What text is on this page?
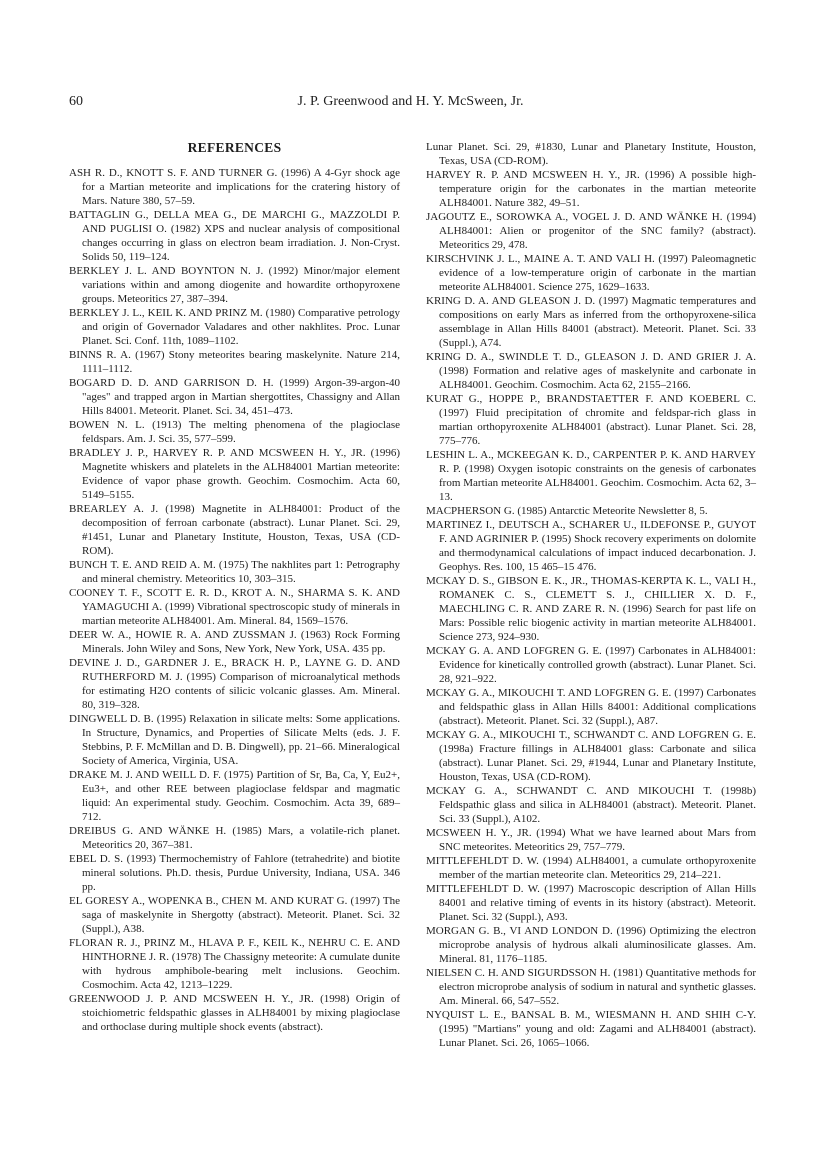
60	J. P. Greenwood and H. Y. McSween, Jr.
REFERENCES
ASH R. D., KNOTT S. F. AND TURNER G. (1996) A 4-Gyr shock age for a Martian meteorite and implications for the cratering history of Mars. Nature 380, 57–59.
BATTAGLIN G., DELLA MEA G., DE MARCHI G., MAZZOLDI P. AND PUGLISI O. (1982) XPS and nuclear analysis of compositional changes occurring in glass on electron beam irradiation. J. Non-Cryst. Solids 50, 119–124.
BERKLEY J. L. AND BOYNTON N. J. (1992) Minor/major element variations within and among diogenite and howardite orthopyroxene groups. Meteoritics 27, 387–394.
BERKLEY J. L., KEIL K. AND PRINZ M. (1980) Comparative petrology and origin of Governador Valadares and other nakhlites. Proc. Lunar Planet. Sci. Conf. 11th, 1089–1102.
BINNS R. A. (1967) Stony meteorites bearing maskelynite. Nature 214, 1111–1112.
BOGARD D. D. AND GARRISON D. H. (1999) Argon-39-argon-40 "ages" and trapped argon in Martian shergottites, Chassigny and Allan Hills 84001. Meteorit. Planet. Sci. 34, 451–473.
BOWEN N. L. (1913) The melting phenomena of the plagioclase feldspars. Am. J. Sci. 35, 577–599.
BRADLEY J. P., HARVEY R. P. AND MCSWEEN H. Y., JR. (1996) Magnetite whiskers and platelets in the ALH84001 Martian meteorite: Evidence of vapor phase growth. Geochim. Cosmochim. Acta 60, 5149–5155.
BREARLEY A. J. (1998) Magnetite in ALH84001: Product of the decomposition of ferroan carbonate (abstract). Lunar Planet. Sci. 29, #1451, Lunar and Planetary Institute, Houston, Texas, USA (CD-ROM).
BUNCH T. E. AND REID A. M. (1975) The nakhlites part 1: Petrography and mineral chemistry. Meteoritics 10, 303–315.
COONEY T. F., SCOTT E. R. D., KROT A. N., SHARMA S. K. AND YAMAGUCHI A. (1999) Vibrational spectroscopic study of minerals in martian meteorite ALH84001. Am. Mineral. 84, 1569–1576.
DEER W. A., HOWIE R. A. AND ZUSSMAN J. (1963) Rock Forming Minerals. John Wiley and Sons, New York, New York, USA. 435 pp.
DEVINE J. D., GARDNER J. E., BRACK H. P., LAYNE G. D. AND RUTHERFORD M. J. (1995) Comparison of microanalytical methods for estimating H2O contents of silicic volcanic glasses. Am. Mineral. 80, 319–328.
DINGWELL D. B. (1995) Relaxation in silicate melts: Some applications. In Structure, Dynamics, and Properties of Silicate Melts (eds. J. F. Stebbins, P. F. McMillan and D. B. Dingwell), pp. 21–66. Mineralogical Society of America, Virginia, USA.
DRAKE M. J. AND WEILL D. F. (1975) Partition of Sr, Ba, Ca, Y, Eu2+, Eu3+, and other REE between plagioclase feldspar and magmatic liquid: An experimental study. Geochim. Cosmochim. Acta 39, 689–712.
DREIBUS G. AND WÄNKE H. (1985) Mars, a volatile-rich planet. Meteoritics 20, 367–381.
EBEL D. S. (1993) Thermochemistry of Fahlore (tetrahedrite) and biotite mineral solutions. Ph.D. thesis, Purdue University, Indiana, USA. 346 pp.
EL GORESY A., WOPENKA B., CHEN M. AND KURAT G. (1997) The saga of maskelynite in Shergotty (abstract). Meteorit. Planet. Sci. 32 (Suppl.), A38.
FLORAN R. J., PRINZ M., HLAVA P. F., KEIL K., NEHRU C. E. AND HINTHORNE J. R. (1978) The Chassigny meteorite: A cumulate dunite with hydrous amphibole-bearing melt inclusions. Geochim. Cosmochim. Acta 42, 1213–1229.
GREENWOOD J. P. AND MCSWEEN H. Y., JR. (1998) Origin of stoichiometric feldspathic glasses in ALH84001 by mixing plagioclase and orthoclase during multiple shock events (abstract).
Lunar Planet. Sci. 29, #1830, Lunar and Planetary Institute, Houston, Texas, USA (CD-ROM).
HARVEY R. P. AND MCSWEEN H. Y., JR. (1996) A possible high-temperature origin for the carbonates in the martian meteorite ALH84001. Nature 382, 49–51.
JAGOUTZ E., SOROWKA A., VOGEL J. D. AND WÄNKE H. (1994) ALH84001: Alien or progenitor of the SNC family? (abstract). Meteoritics 29, 478.
KIRSCHVINK J. L., MAINE A. T. AND VALI H. (1997) Paleomagnetic evidence of a low-temperature origin of carbonate in the martian meteorite ALH84001. Science 275, 1629–1633.
KRING D. A. AND GLEASON J. D. (1997) Magmatic temperatures and compositions on early Mars as inferred from the orthopyroxene-silica assemblage in Allan Hills 84001 (abstract). Meteorit. Planet. Sci. 33 (Suppl.), A74.
KRING D. A., SWINDLE T. D., GLEASON J. D. AND GRIER J. A. (1998) Formation and relative ages of maskelynite and carbonate in ALH84001. Geochim. Cosmochim. Acta 62, 2155–2166.
KURAT G., HOPPE P., BRANDSTAETTER F. AND KOEBERL C. (1997) Fluid precipitation of chromite and feldspar-rich glass in martian orthopyroxenite ALH84001 (abstract). Lunar Planet. Sci. 28, 775–776.
LESHIN L. A., MCKEEGAN K. D., CARPENTER P. K. AND HARVEY R. P. (1998) Oxygen isotopic constraints on the genesis of carbonates from Martian meteorite ALH84001. Geochim. Cosmochim. Acta 62, 3–13.
MACPHERSON G. (1985) Antarctic Meteorite Newsletter 8, 5.
MARTINEZ I., DEUTSCH A., SCHARER U., ILDEFONSE P., GUYOT F. AND AGRINIER P. (1995) Shock recovery experiments on dolomite and thermodynamical calculations of impact induced decarbonation. J. Geophys. Res. 100, 15 465–15 476.
MCKAY D. S., GIBSON E. K., JR., THOMAS-KERPTA K. L., VALI H., ROMANEK C. S., CLEMETT S. J., CHILLIER X. D. F., MAECHLING C. R. AND ZARE R. N. (1996) Search for past life on Mars: Possible relic biogenic activity in martian meteorite ALH84001. Science 273, 924–930.
MCKAY G. A. AND LOFGREN G. E. (1997) Carbonates in ALH84001: Evidence for kinetically controlled growth (abstract). Lunar Planet. Sci. 28, 921–922.
MCKAY G. A., MIKOUCHI T. AND LOFGREN G. E. (1997) Carbonates and feldspathic glass in Allan Hills 84001: Additional complications (abstract). Meteorit. Planet. Sci. 32 (Suppl.), A87.
MCKAY G. A., MIKOUCHI T., SCHWANDT C. AND LOFGREN G. E. (1998a) Fracture fillings in ALH84001 glass: Carbonate and silica (abstract). Lunar Planet. Sci. 29, #1944, Lunar and Planetary Institute, Houston, Texas, USA (CD-ROM).
MCKAY G. A., SCHWANDT C. AND MIKOUCHI T. (1998b) Feldspathic glass and silica in ALH84001 (abstract). Meteorit. Planet. Sci. 33 (Suppl.), A102.
MCSWEEN H. Y., JR. (1994) What we have learned about Mars from SNC meteorites. Meteoritics 29, 757–779.
MITTLEFEHLDT D. W. (1994) ALH84001, a cumulate orthopyroxenite member of the martian meteorite clan. Meteoritics 29, 214–221.
MITTLEFEHLDT D. W. (1997) Macroscopic description of Allan Hills 84001 and relative timing of events in its history (abstract). Meteorit. Planet. Sci. 32 (Suppl.), A93.
MORGAN G. B., VI AND LONDON D. (1996) Optimizing the electron microprobe analysis of hydrous alkali aluminosilicate glasses. Am. Mineral. 81, 1176–1185.
NIELSEN C. H. AND SIGURDSSON H. (1981) Quantitative methods for electron microprobe analysis of sodium in natural and synthetic glasses. Am. Mineral. 66, 547–552.
NYQUIST L. E., BANSAL B. M., WIESMANN H. AND SHIH C-Y. (1995) "Martians" young and old: Zagami and ALH84001 (abstract). Lunar Planet. Sci. 26, 1065–1066.
